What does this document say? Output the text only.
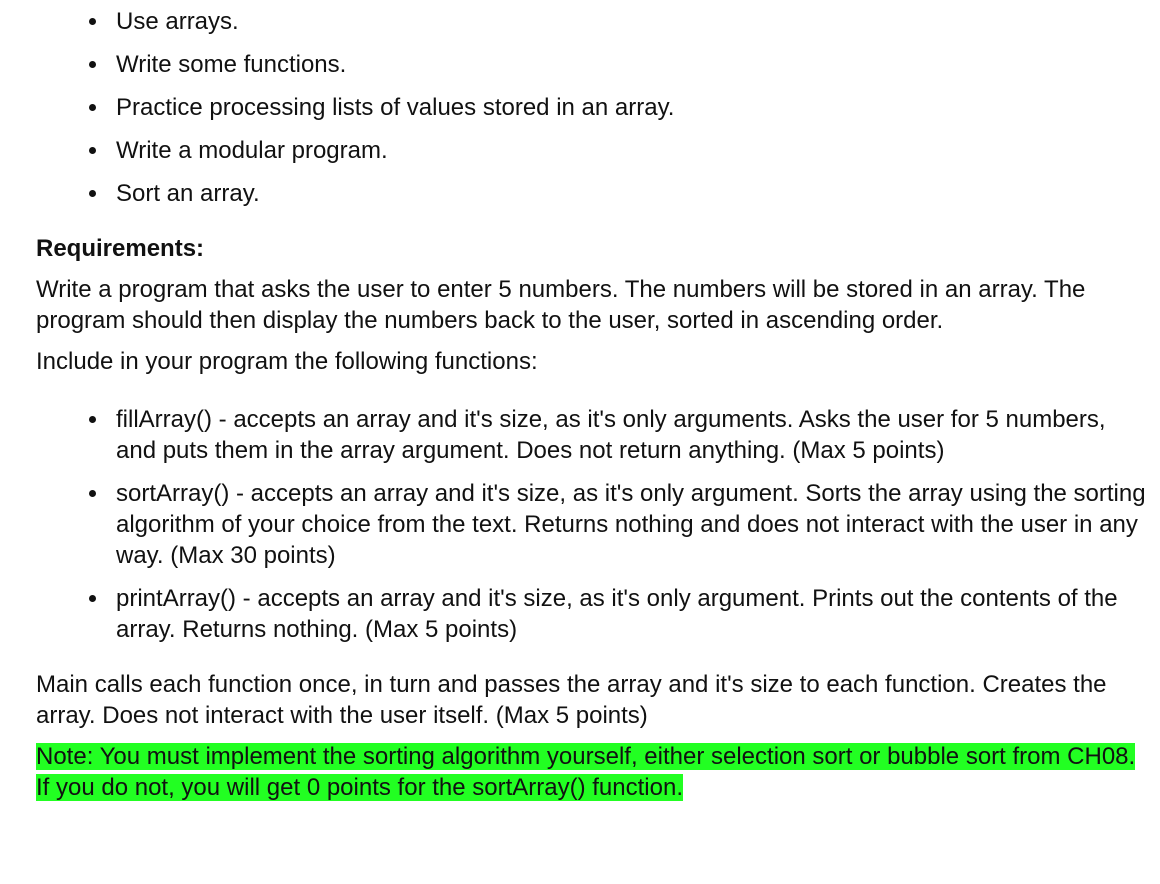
Use arrays.
Write some functions.
Practice processing lists of values stored in an array.
Write a modular program.
Sort an array.
Requirements:
Write a program that asks the user to enter 5 numbers. The numbers will be stored in an array. The program should then display the numbers back to the user, sorted in ascending order.
Include in your program the following functions:
fillArray() - accepts an array and it's size, as it's only arguments. Asks the user for 5 numbers, and puts them in the array argument. Does not return anything. (Max 5 points)
sortArray() - accepts an array and it's size, as it's only argument. Sorts the array using the sorting algorithm of your choice from the text. Returns nothing and does not interact with the user in any way. (Max 30 points)
printArray() - accepts an array and it's size, as it's only argument. Prints out the contents of the array. Returns nothing. (Max 5 points)
Main calls each function once, in turn and passes the array and it's size to each function. Creates the array. Does not interact with the user itself. (Max 5 points)
Note: You must implement the sorting algorithm yourself, either selection sort or bubble sort from CH08. If you do not, you will get 0 points for the sortArray() function.
